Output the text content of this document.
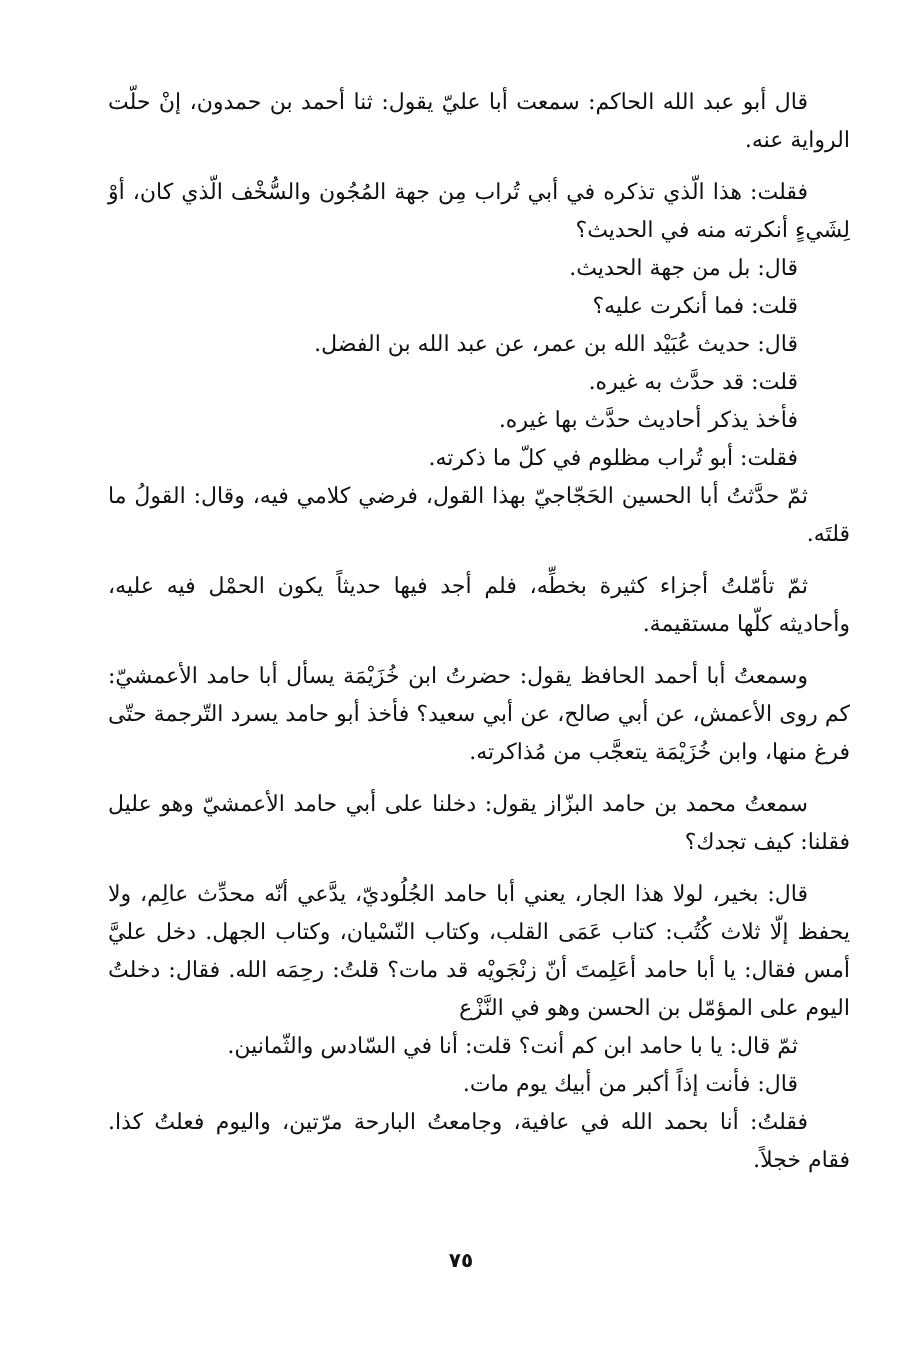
قال أبو عبد الله الحاكم: سمعت أبا عليّ يقول: ثنا أحمد بن حمدون، إنْ حلّت الرواية عنه.

فقلت: هذا الّذي تذكره في أبي تُراب مِن جهة المُجُون والسُّخْف الّذي كان، أوْ لِشَيءٍ أنكرته منه في الحديث؟

قال: بل من جهة الحديث.

قلت: فما أنكرت عليه؟

قال: حديث عُبَيْد الله بن عمر، عن عبد الله بن الفضل.

قلت: قد حدَّث به غيره.

فأخذ يذكر أحاديث حدَّث بها غيره.

فقلت: أبو تُراب مظلوم في كلّ ما ذكرته.

ثمّ حدَّثتُ أبا الحسين الحَجّاجيّ بهذا القول، فرضي كلامي فيه، وقال: القولُ ما قلتَه.

ثمّ تأمّلتُ أجزاء كثيرة بخطِّه، فلم أجد فيها حديثاً يكون الحمْل فيه عليه، وأحاديثه كلّها مستقيمة.

وسمعتُ أبا أحمد الحافظ يقول: حضرتُ ابن خُزَيْمَة يسأل أبا حامد الأعمشيّ: كم روى الأعمش، عن أبي صالح، عن أبي سعيد؟ فأخذ أبو حامد يسرد التّرجمة حتّى فرغ منها، وابن خُزَيْمَة يتعجَّب من مُذاكرته.

سمعتُ محمد بن حامد البزّاز يقول: دخلنا على أبي حامد الأعمشيّ وهو عليل فقلنا: كيف تجدك؟

قال: بخير، لولا هذا الجار، يعني أبا حامد الجُلُوديّ، يدَّعي أنّه محدِّث عالِم، ولا يحفظ إلّا ثلاث كُتُب: كتاب عَمَى القلب، وكتاب النّسْيان، وكتاب الجهل. دخل عليَّ أمس فقال: يا أبا حامد أعَلِمتَ أنّ زنْجَويْه قد مات؟ قلتُ: رحِمَه الله. فقال: دخلتُ اليوم على المؤمّل بن الحسن وهو في النَّزْع

ثمّ قال: يا با حامد ابن كم أنت؟ قلت: أنا في السّادس والثّمانين.

قال: فأنت إذاً أكبر من أبيك يوم مات.

فقلتُ: أنا بحمد الله في عافية، وجامعتُ البارحة مرّتين، واليوم فعلتُ كذا. فقام خجلاً.

٧٥
